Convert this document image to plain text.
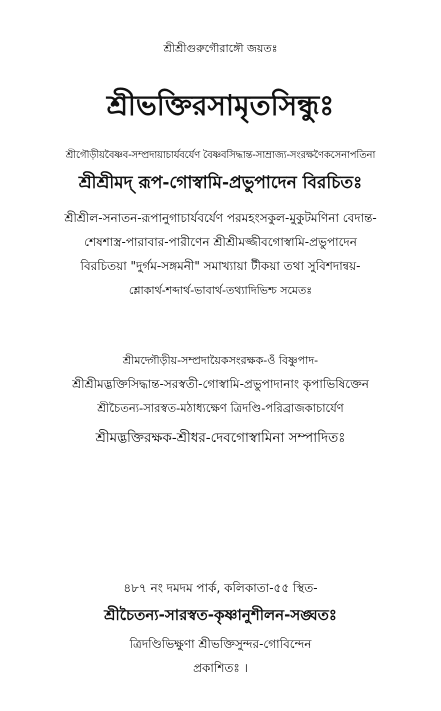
শ্রীশ্রীগুরুগৌরাঙ্গৌ জয়তঃ
শ্রীভক্তিরসামৃতসিন্ধুঃ
শ্রীগৌড়ীয়বৈষ্ণব-সম্প্রদায়াচার্যবর্যেণ বৈষ্ণবসিদ্ধান্ত-সাম্রাজ্য-সংরক্ষণৈকসেনাপতিনা
শ্রীশ্রীমদ্ রূপ-গোস্বামি-প্রভুপাদেন বিরচিতঃ
শ্রীশ্রীল-সনাতন-রূপানুগাচার্যবর্যেণ পরমহংসকুল-মুকুটমণিনা বেদান্ত-
শেষশাস্ত্র-পারাবার-পারীণেন শ্রীশ্রীমজ্জীবগোস্বামি-প্রভুপাদেন
বিরচিতয়া "দুর্গম-সঙ্গমনী" সমাখ্যায়া টীকয়া তথা সুবিশদান্বয়-
শ্লোকার্থ-শব্দার্থ-ভাবার্থ-তথ্যাদিভিশ্চ সমেতঃ
শ্রীমদ্গৌড়ীয়-সম্প্রদায়ৈকসংরক্ষক-ওঁ বিষ্ণুপাদ-
শ্রীশ্রীমদ্ভক্তিসিদ্ধান্ত-সরস্বতী-গোস্বামি-প্রভুপাদানাং কৃপাভিষিক্তেন
শ্রীচৈতন্য-সারস্বত-মঠাধ্যক্ষেণ ত্রিদণ্ডি-পরিব্রাজকাচার্যেণ
শ্রীমদ্ভক্তিরক্ষক-শ্রীধর-দেবগোস্বামিনা সম্পাদিতঃ
৪৮৭ নং দমদম পার্ক, কলিকাতা-৫৫ স্থিত-
শ্রীচৈতন্য-সারস্বত-কৃষ্ণানুশীলন-সঙ্ঘতঃ
ত্রিদণ্ডিভিক্ষুণা শ্রীভক্তিসুন্দর-গোবিন্দেন
প্রকাশিতঃ ।
